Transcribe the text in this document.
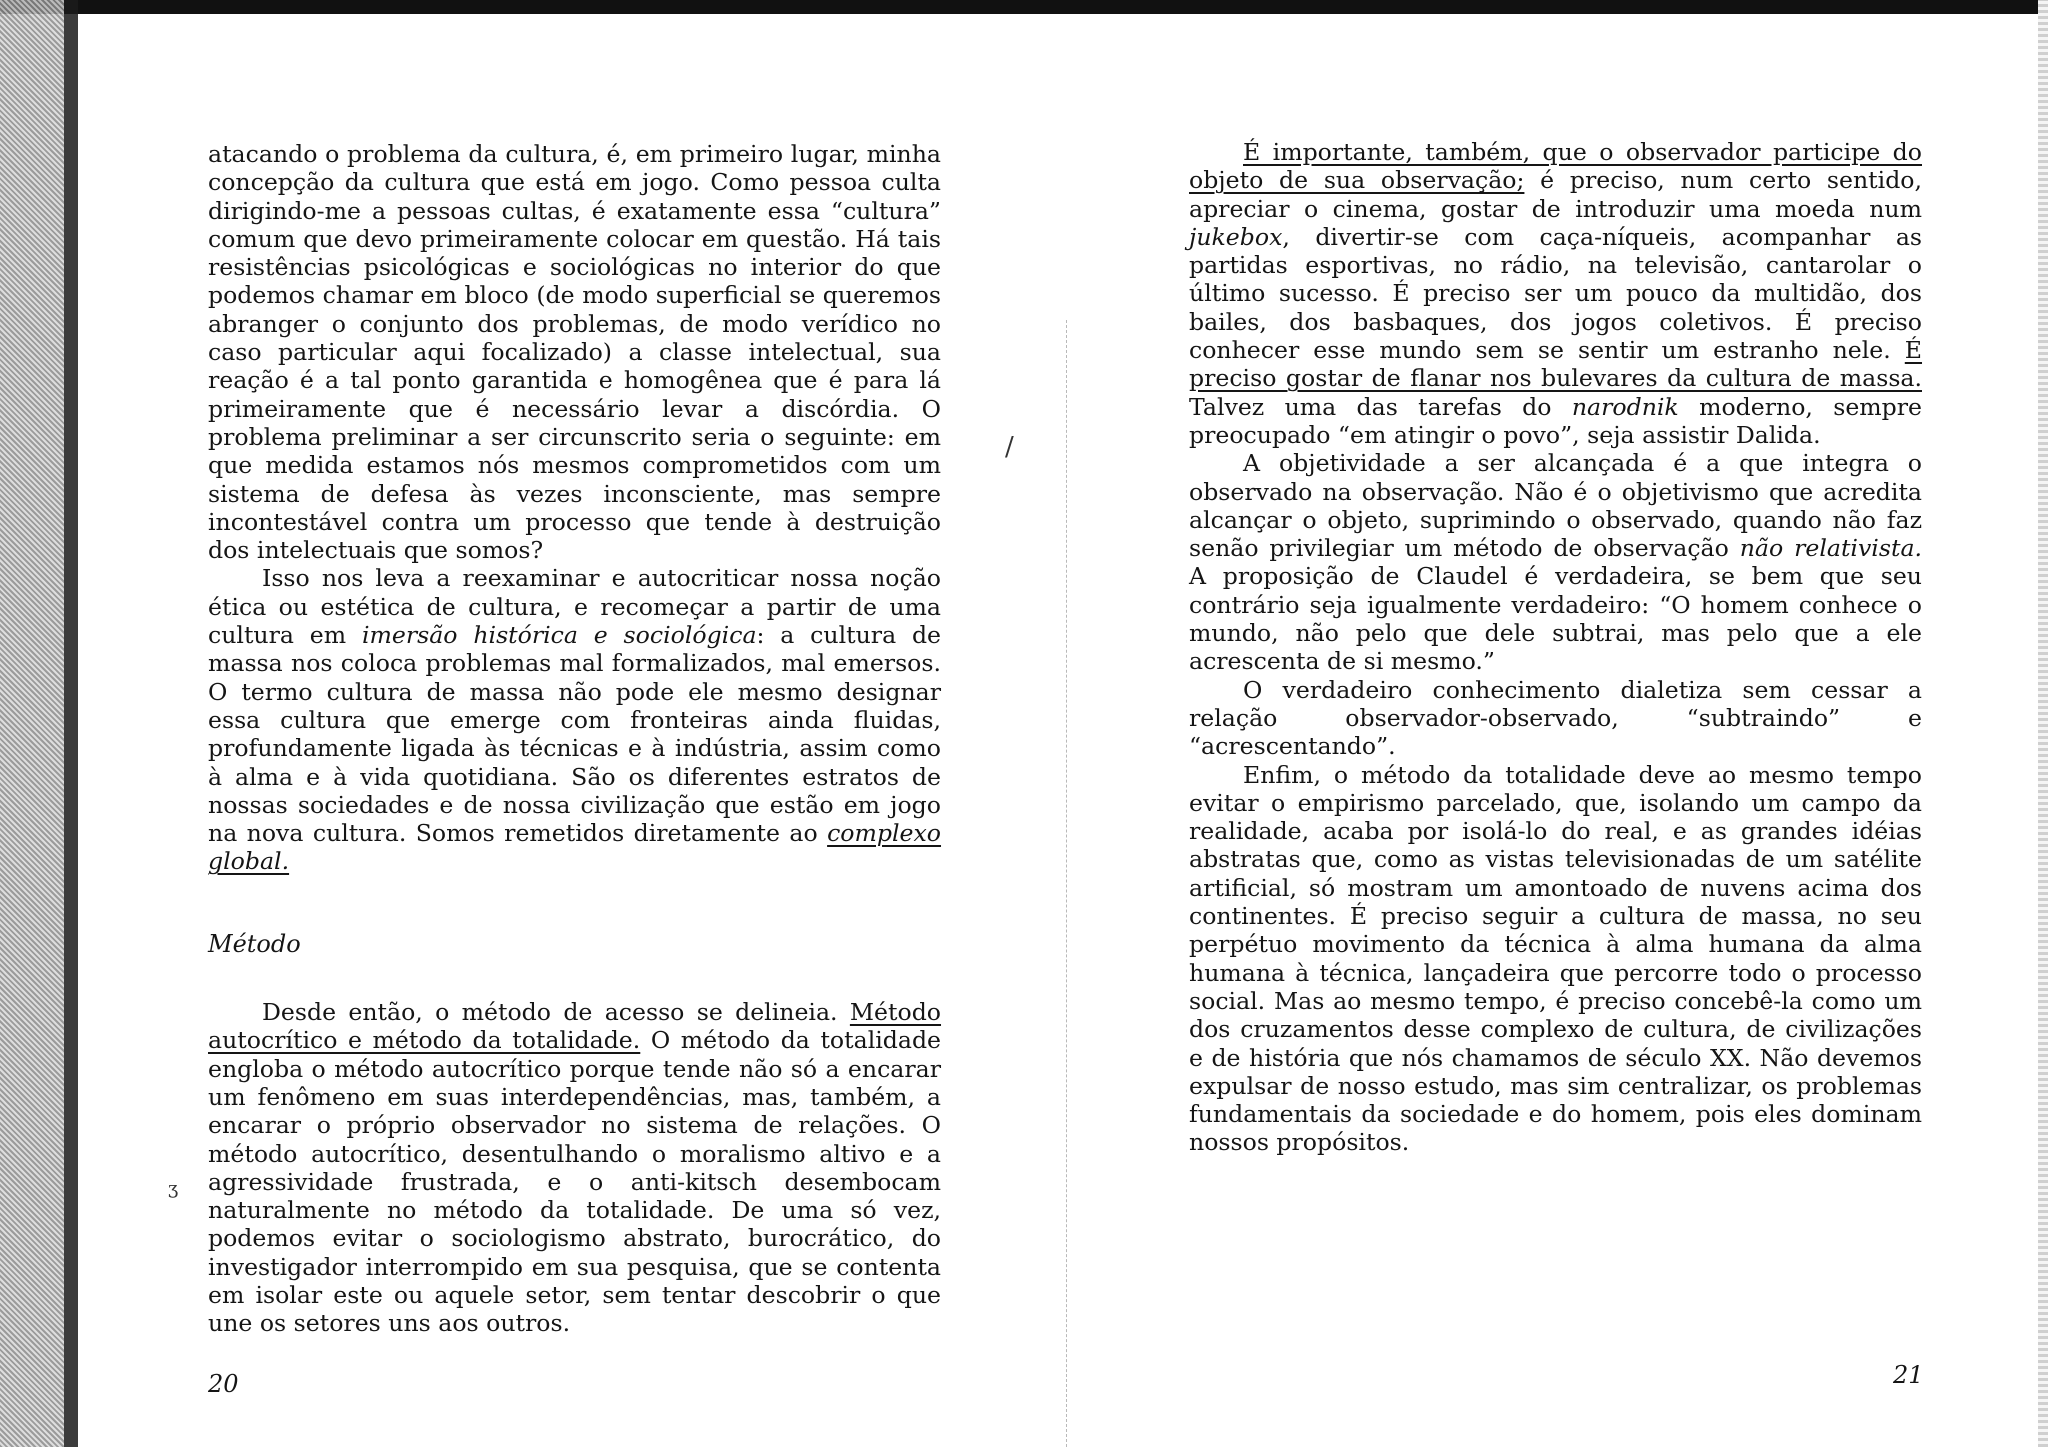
/
ʒ

atacando o problema da cultura, é, em primeiro lugar, minha concepção da cultura que está em jogo. Como pessoa culta dirigindo-me a pessoas cultas, é exatamente essa “cultura” comum que devo primeiramente colocar em questão. Há tais resistências psicológicas e sociológicas no interior do que podemos chamar em bloco (de modo superficial se queremos abranger o conjunto dos problemas, de modo verídico no caso particular aqui focalizado) a classe intelectual, sua reação é a tal ponto garantida e homogênea que é para lá primeiramente que é necessário levar a discórdia. O problema preliminar a ser circunscrito seria o seguinte: em que medida estamos nós mesmos comprometidos com um sistema de defesa às vezes inconsciente, mas sempre incontestável contra um processo que tende à destruição dos intelectuais que somos?

Isso nos leva a reexaminar e autocriticar nossa noção ética ou estética de cultura, e recomeçar a partir de uma cultura em imersão histórica e sociológica: a cultura de massa nos coloca problemas mal formalizados, mal emersos. O termo cultura de massa não pode ele mesmo designar essa cultura que emerge com fronteiras ainda fluidas, profundamente ligada às técnicas e à indústria, assim como à alma e à vida quotidiana. São os diferentes estratos de nossas sociedades e de nossa civilização que estão em jogo na nova cultura. Somos remetidos diretamente ao complexo global.

Método

Desde então, o método de acesso se delineia. Método autocrítico e método da totalidade. O método da totalidade engloba o método autocrítico porque tende não só a encarar um fenômeno em suas interdependências, mas, também, a encarar o próprio observador no sistema de relações. O método autocrítico, desentulhando o moralismo altivo e a agressividade frustrada, e o anti-kitsch desembocam naturalmente no método da totalidade. De uma só vez, podemos evitar o sociologismo abstrato, burocrático, do investigador interrompido em sua pesquisa, que se contenta em isolar este ou aquele setor, sem tentar descobrir o que une os setores uns aos outros.

20

É importante, também, que o observador participe do objeto de sua observação; é preciso, num certo sentido, apreciar o cinema, gostar de introduzir uma moeda num jukebox, divertir-se com caça-níqueis, acompanhar as partidas esportivas, no rádio, na televisão, cantarolar o último sucesso. É preciso ser um pouco da multidão, dos bailes, dos basbaques, dos jogos coletivos. É preciso conhecer esse mundo sem se sentir um estranho nele. É preciso gostar de flanar nos bulevares da cultura de massa. Talvez uma das tarefas do narodnik moderno, sempre preocupado “em atingir o povo”, seja assistir Dalida.

A objetividade a ser alcançada é a que integra o observado na observação. Não é o objetivismo que acredita alcançar o objeto, suprimindo o observado, quando não faz senão privilegiar um método de observação não relativista. A proposição de Claudel é verdadeira, se bem que seu contrário seja igualmente verdadeiro: “O homem conhece o mundo, não pelo que dele subtrai, mas pelo que a ele acrescenta de si mesmo.”

O verdadeiro conhecimento dialetiza sem cessar a relação observador-observado, “subtraindo” e “acrescentando”.

Enfim, o método da totalidade deve ao mesmo tempo evitar o empirismo parcelado, que, isolando um campo da realidade, acaba por isolá-lo do real, e as grandes idéias abstratas que, como as vistas televisionadas de um satélite artificial, só mostram um amontoado de nuvens acima dos continentes. É preciso seguir a cultura de massa, no seu perpétuo movimento da técnica à alma humana da alma humana à técnica, lançadeira que percorre todo o processo social. Mas ao mesmo tempo, é preciso concebê-la como um dos cruzamentos desse complexo de cultura, de civilizações e de história que nós chamamos de século XX. Não devemos expulsar de nosso estudo, mas sim centralizar, os problemas fundamentais da sociedade e do homem, pois eles dominam nossos propósitos.

21
